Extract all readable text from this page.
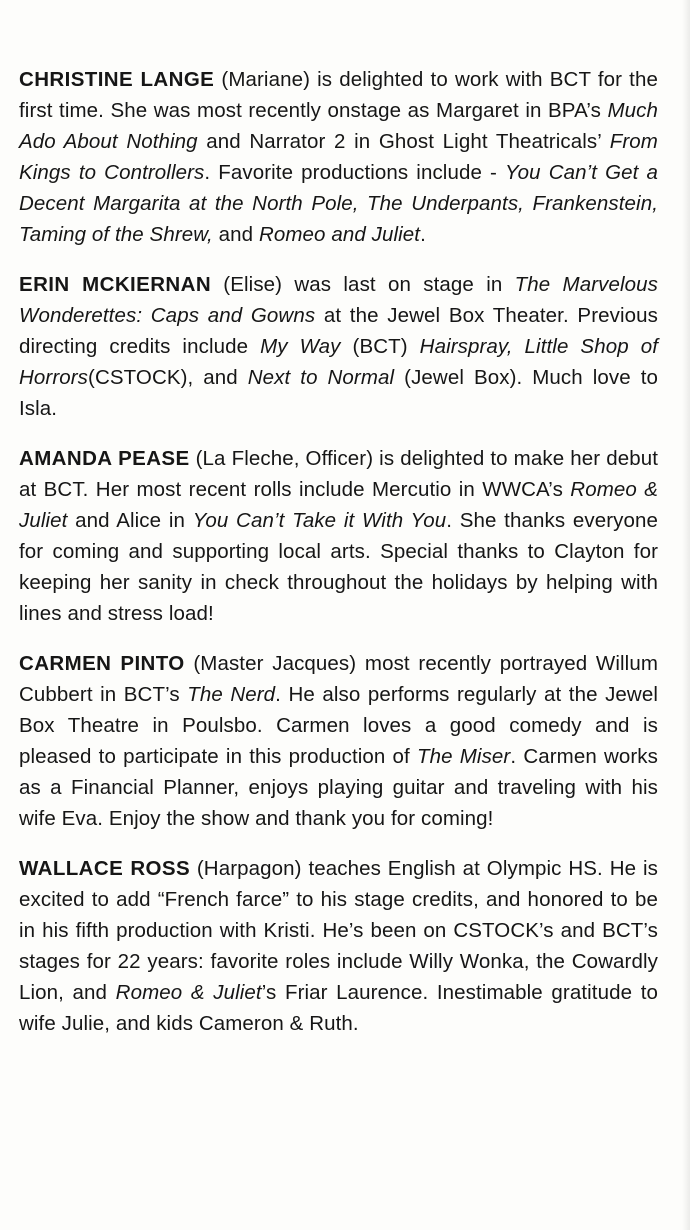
CHRISTINE LANGE (Mariane) is delighted to work with BCT for the first time. She was most recently onstage as Margaret in BPA’s Much Ado About Nothing and Narrator 2 in Ghost Light Theatricals’ From Kings to Controllers. Favorite productions include - You Can’t Get a Decent Margarita at the North Pole, The Underpants, Frankenstein, Taming of the Shrew, and Romeo and Juliet.

ERIN MCKIERNAN (Elise) was last on stage in The Marvelous Wonderettes: Caps and Gowns at the Jewel Box Theater. Previous directing credits include My Way (BCT) Hairspray, Little Shop of Horrors(CSTOCK), and Next to Normal (Jewel Box). Much love to Isla.

AMANDA PEASE (La Fleche, Officer) is delighted to make her debut at BCT. Her most recent rolls include Mercutio in WWCA’s Romeo & Juliet and Alice in You Can’t Take it With You. She thanks everyone for coming and supporting local arts. Special thanks to Clayton for keeping her sanity in check throughout the holidays by helping with lines and stress load!

CARMEN PINTO (Master Jacques) most recently portrayed Willum Cubbert in BCT’s The Nerd. He also performs regularly at the Jewel Box Theatre in Poulsbo. Carmen loves a good comedy and is pleased to participate in this production of The Miser. Carmen works as a Financial Planner, enjoys playing guitar and traveling with his wife Eva. Enjoy the show and thank you for coming!

WALLACE ROSS (Harpagon) teaches English at Olympic HS. He is excited to add “French farce” to his stage credits, and honored to be in his fifth production with Kristi. He’s been on CSTOCK’s and BCT’s stages for 22 years: favorite roles include Willy Wonka, the Cowardly Lion, and Romeo & Juliet’s Friar Laurence. Inestimable gratitude to wife Julie, and kids Cameron & Ruth.
